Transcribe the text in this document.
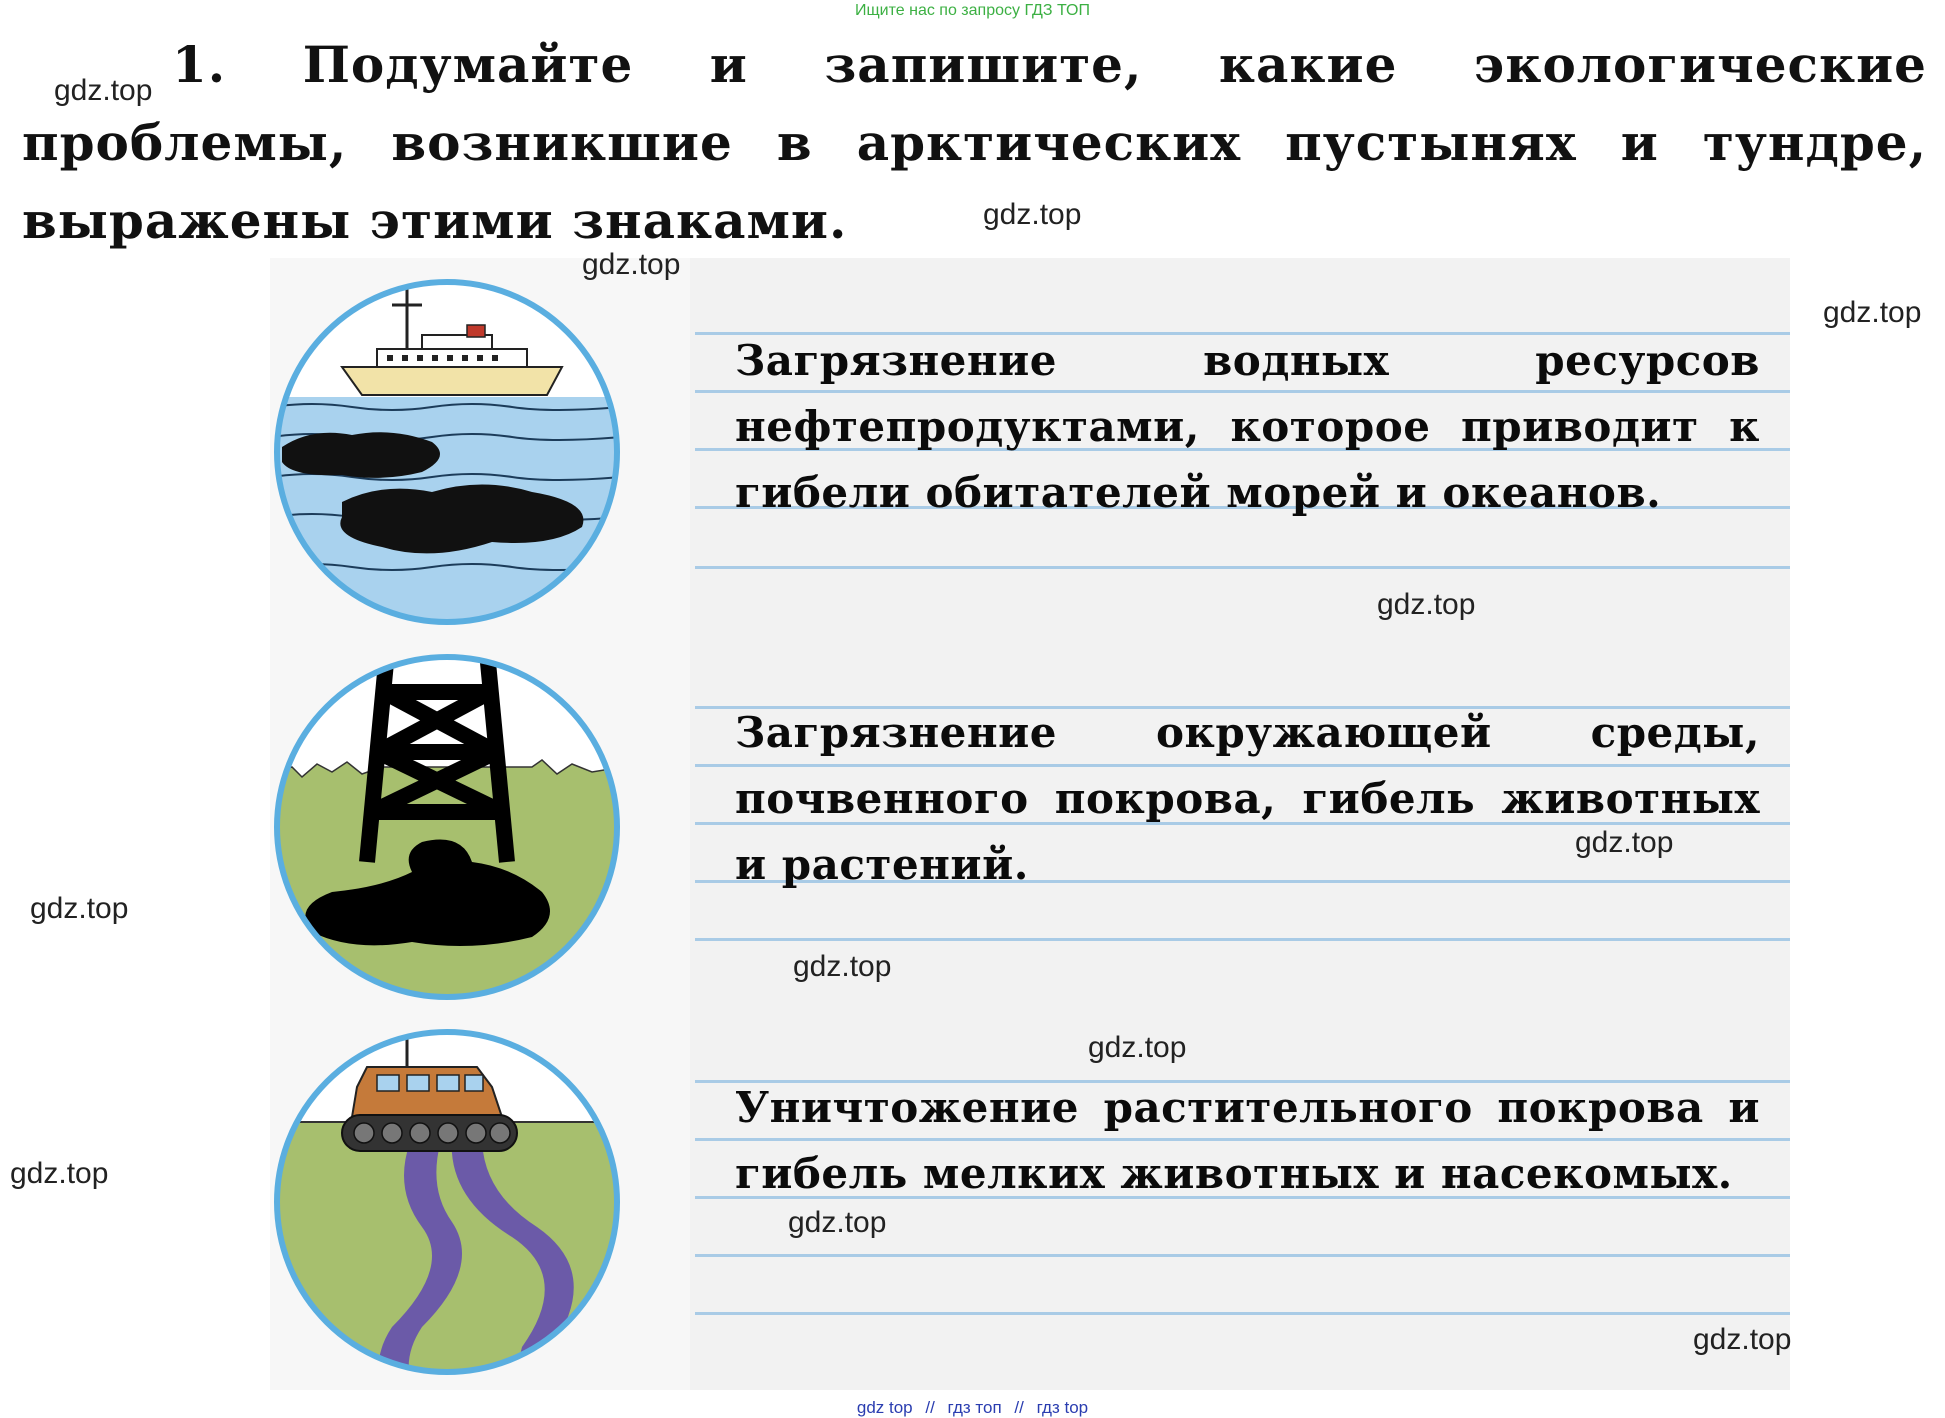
Ищите нас по запросу ГДЗ ТОП
1. Подумайте и запишите, какие экологические проблемы, возникшие в арктических пустынях и тундре, выражены этими знаками.
Загрязнение водных ресурсов нефтепродуктами, которое приводит к гибели обитателей морей и океанов.
Загрязнение окружающей среды, почвенного покрова, гибель животных и растений.
Уничтожение растительного покрова и гибель мелких животных и насекомых.
gdz.top
gdz.top
gdz.top
gdz.top
gdz.top
gdz.top
gdz.top
gdz.top
gdz.top
gdz.top
gdz.top
gdz.top
gdz top // гдз топ // гдз top
